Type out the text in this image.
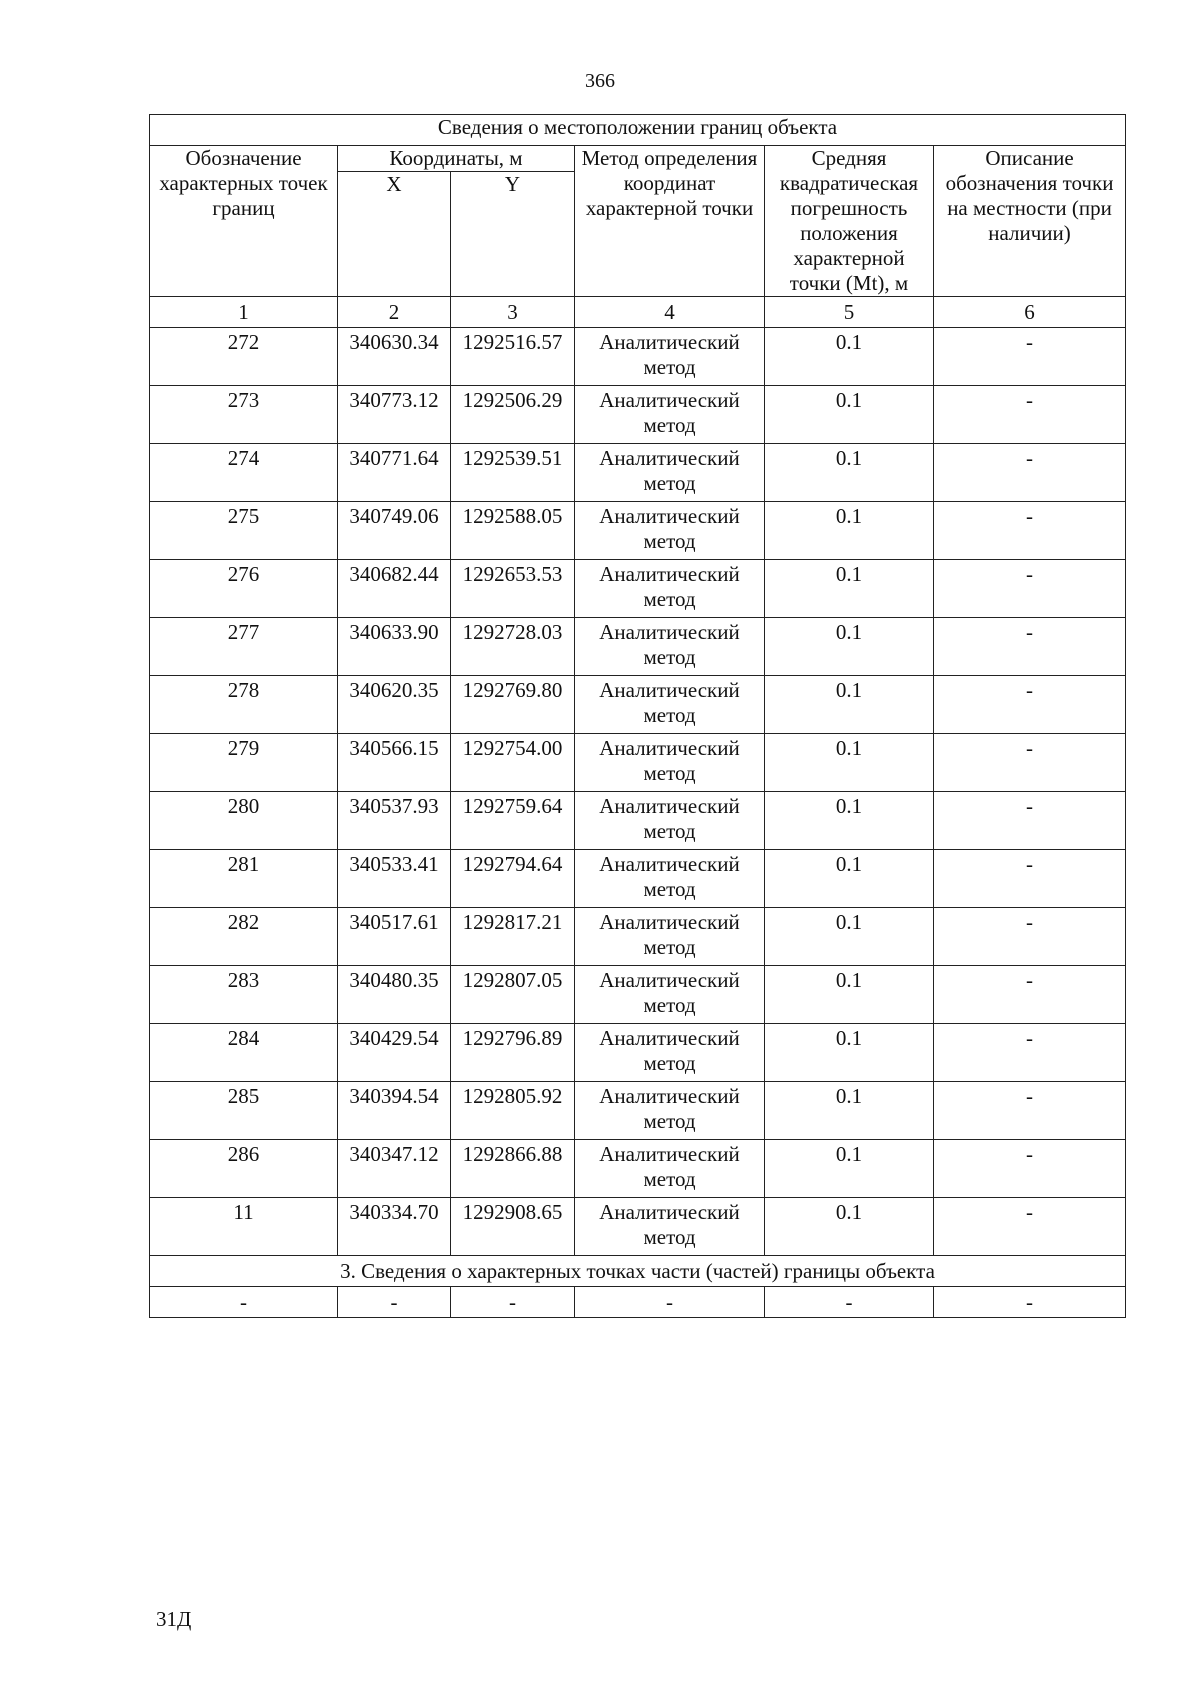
366
Сведения о местоположении границ объекта					
Обозначение характерных точек границ	Координаты, м		Метод определения координат характерной точки	Средняя квадратическая погрешность положения характерной точки (Mt), м	Описание обозначения точки на местности (при наличии)
	X	Y			
1	2	3	4	5	6
272	340630.34	1292516.57	Аналитический метод	0.1	-
273	340773.12	1292506.29	Аналитический метод	0.1	-
274	340771.64	1292539.51	Аналитический метод	0.1	-
275	340749.06	1292588.05	Аналитический метод	0.1	-
276	340682.44	1292653.53	Аналитический метод	0.1	-
277	340633.90	1292728.03	Аналитический метод	0.1	-
278	340620.35	1292769.80	Аналитический метод	0.1	-
279	340566.15	1292754.00	Аналитический метод	0.1	-
280	340537.93	1292759.64	Аналитический метод	0.1	-
281	340533.41	1292794.64	Аналитический метод	0.1	-
282	340517.61	1292817.21	Аналитический метод	0.1	-
283	340480.35	1292807.05	Аналитический метод	0.1	-
284	340429.54	1292796.89	Аналитический метод	0.1	-
285	340394.54	1292805.92	Аналитический метод	0.1	-
286	340347.12	1292866.88	Аналитический метод	0.1	-
11	340334.70	1292908.65	Аналитический метод	0.1	-
3. Сведения о характерных точках части (частей) границы объекта					
-	-	-	-	-	-
31Д
